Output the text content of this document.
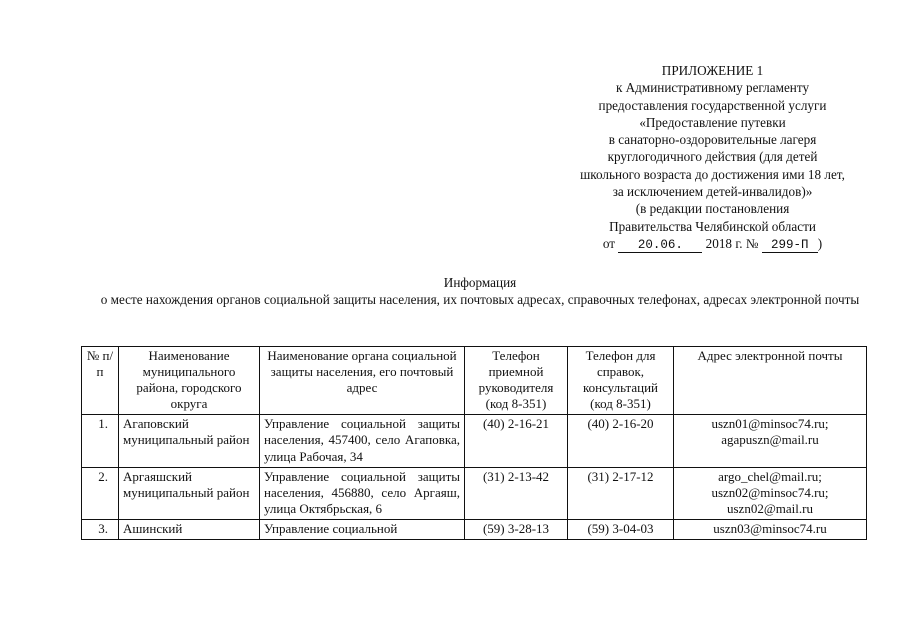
ПРИЛОЖЕНИЕ 1
к Административному регламенту
предоставления государственной услуги
«Предоставление путевки
в санаторно-оздоровительные лагеря
круглогодичного действия (для детей
школьного возраста до достижения ими 18 лет,
за исключением детей-инвалидов)»
(в редакции постановления
Правительства Челябинской области
от 20.06. 2018 г. № 299-П )
Информация
о месте нахождения органов социальной защиты населения, их почтовых адресах, справочных телефонах, адресах электронной почты
№ п/п	Наименование муниципального района, городского округа	Наименование органа социальной защиты населения, его почтовый адрес	Телефон приемной руководителя (код 8-351)	Телефон для справок, консультаций (код 8-351)	Адрес электронной почты
1.	Агаповский муниципальный район	Управление социальной защиты населения, 457400, село Агаповка, улица Рабочая, 34	(40) 2-16-21	(40) 2-16-20	uszn01@minsoc74.ru;
agapuszn@mail.ru

2.	Аргаяшский муниципальный район	Управление социальной защиты населения, 456880, село Аргаяш, улица Октябрьская, 6	(31) 2-13-42	(31) 2-17-12	argo_chel@mail.ru;
uszn02@minsoc74.ru;
uszn02@mail.ru

3.	Ашинский	Управление социальной	(59) 3-28-13	(59) 3-04-03	uszn03@minsoc74.ru
